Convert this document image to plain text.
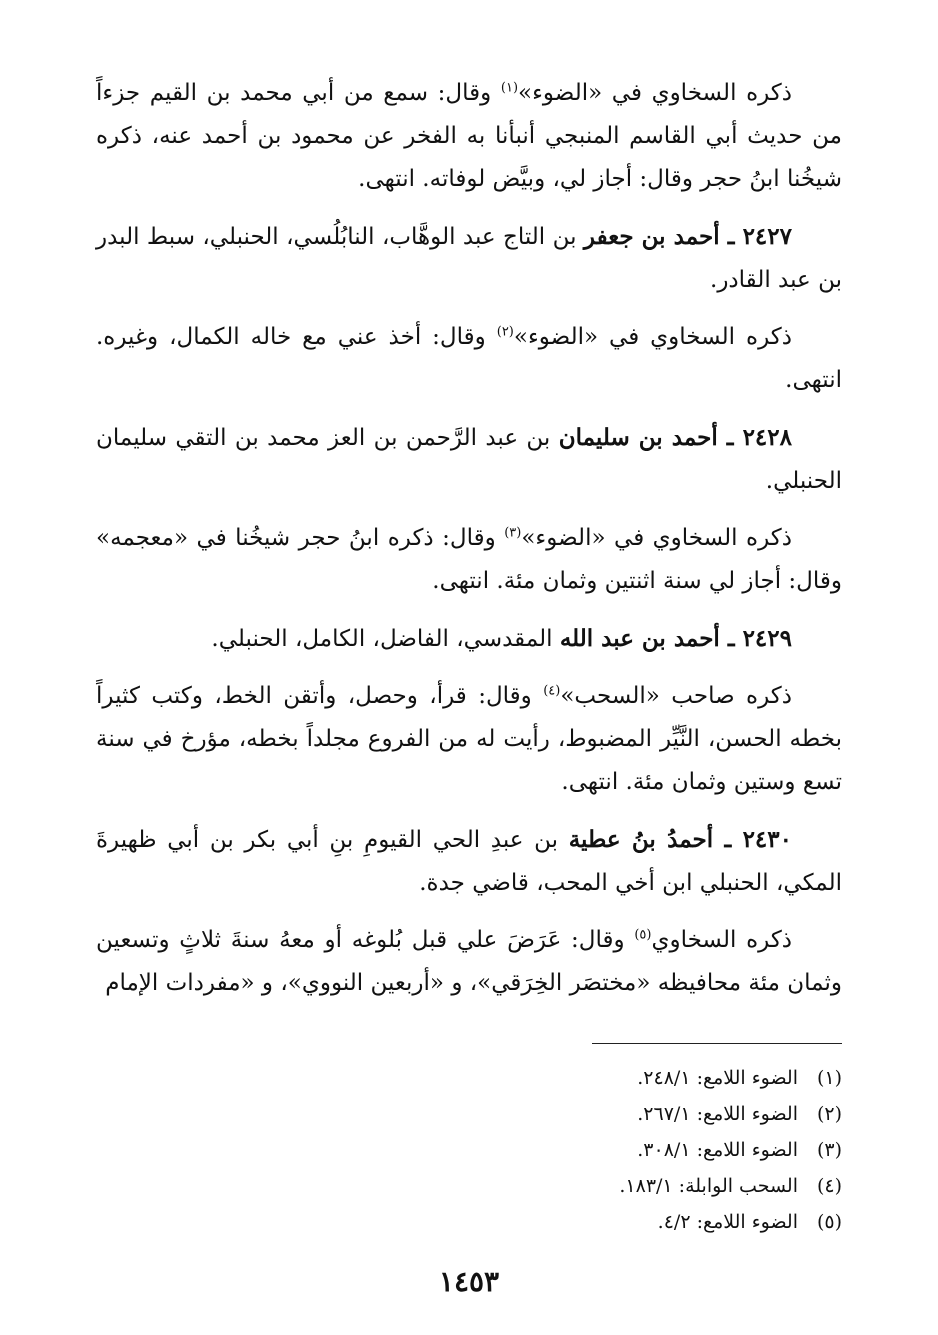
ذكره السخاوي في «الضوء»$^{(١)}$ وقال: سمع من أبي محمد بن القيم جزءاً من حديث أبي القاسم المنبجي أنبأنا به الفخر عن محمود بن أحمد عنه، ذكره شيخُنا ابنُ حجر وقال: أجاز لي، وبيَّض لوفاته. انتهى.

٢٤٢٧ ـ أحمد بن جعفر بن التاج عبد الوهَّاب، النابُلُسي، الحنبلي، سبط البدر بن عبد القادر.

ذكره السخاوي في «الضوء»$^{(٢)}$ وقال: أخذ عني مع خاله الكمال، وغيره. انتهى.

٢٤٢٨ ـ أحمد بن سليمان بن عبد الرَّحمن بن العز محمد بن التقي سليمان الحنبلي.

ذكره السخاوي في «الضوء»$^{(٣)}$ وقال: ذكره ابنُ حجر شيخُنا في «معجمه» وقال: أجاز لي سنة اثنتين وثمان مئة. انتهى.

٢٤٢٩ ـ أحمد بن عبد الله المقدسي، الفاضل، الكامل، الحنبلي.

ذكره صاحب «السحب»$^{(٤)}$ وقال: قرأ، وحصل، وأتقن الخط، وكتب كثيراً بخطه الحسن، النَّيِّر المضبوط، رأيت له من الفروع مجلداً بخطه، مؤرخ في سنة تسع وستين وثمان مئة. انتهى.

٢٤٣٠ ـ أحمدُ بنُ عطية بن عبدِ الحي القيومِ بنِ أبي بكر بن أبي ظهيرةَ المكي، الحنبلي ابن أخي المحب، قاضي جدة.

ذكره السخاوي$^{(٥)}$ وقال: عَرَضَ علي قبل بُلوغه أو معهُ سنةَ ثلاثٍ وتسعين وثمان مئة محافيظه «مختصَر الخِرَقي»، و «أربعين النووي»، و «مفردات الإمام

(١)
الضوء اللامع: ٢٤٨/١.
(٢)
الضوء اللامع: ٢٦٧/١.
(٣)
الضوء اللامع: ٣٠٨/١.
(٤)
السحب الوابلة: ١٨٣/١.
(٥)
الضوء اللامع: ٤/٢.
١٤٥٣
